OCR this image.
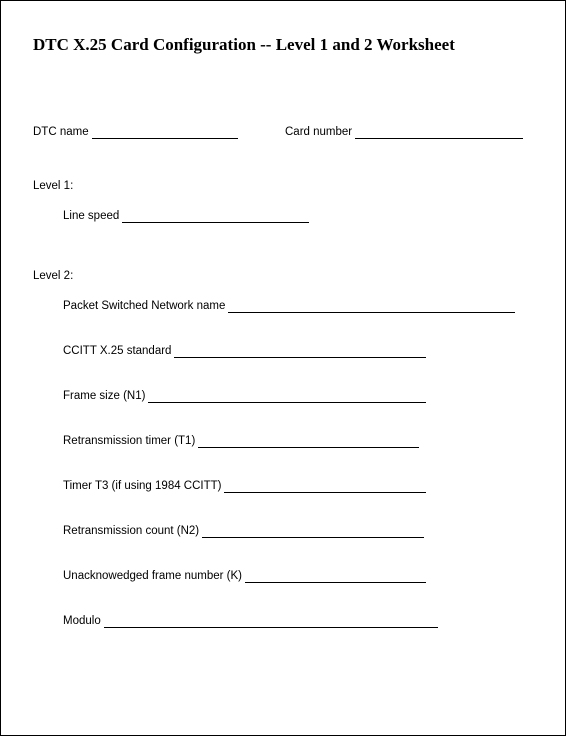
DTC X.25 Card Configuration -- Level 1 and 2 Worksheet
DTC name	Card number
Level 1:
Line speed
Level 2:
Packet Switched Network name
CCITT X.25 standard
Frame size (N1)
Retransmission timer (T1)
Timer T3 (if using 1984 CCITT)
Retransmission count (N2)
Unacknowedged frame number (K)
Modulo
